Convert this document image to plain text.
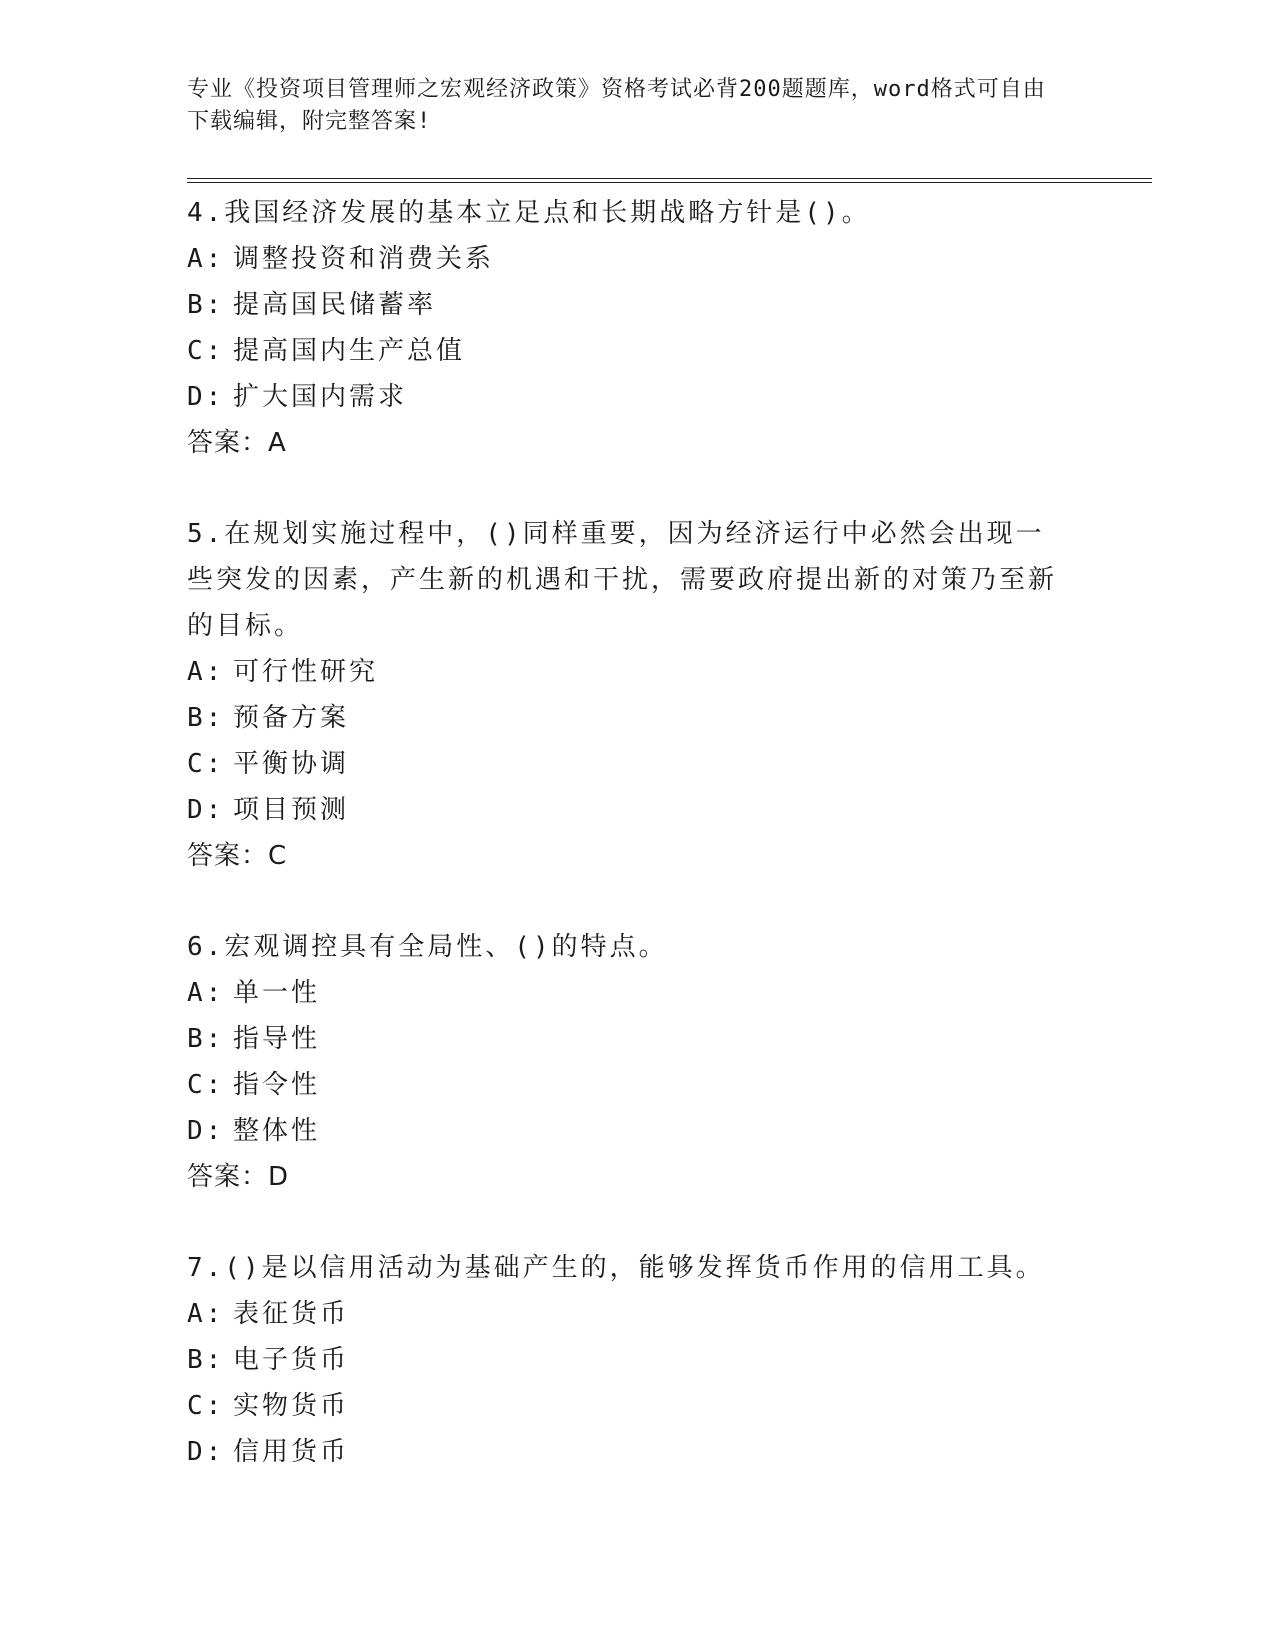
专业《投资项目管理师之宏观经济政策》资格考试必背200题题库，word格式可自由下载编辑，附完整答案!
4.我国经济发展的基本立足点和长期战略方针是()。
A: 调整投资和消费关系
B: 提高国民储蓄率
C: 提高国内生产总值
D: 扩大国内需求
答案：A
5.在规划实施过程中，()同样重要，因为经济运行中必然会出现一些突发的因素，产生新的机遇和干扰，需要政府提出新的对策乃至新的目标。
A: 可行性研究
B: 预备方案
C: 平衡协调
D: 项目预测
答案：C
6.宏观调控具有全局性、()的特点。
A: 单一性
B: 指导性
C: 指令性
D: 整体性
答案：D
7.()是以信用活动为基础产生的，能够发挥货币作用的信用工具。
A: 表征货币
B: 电子货币
C: 实物货币
D: 信用货币
